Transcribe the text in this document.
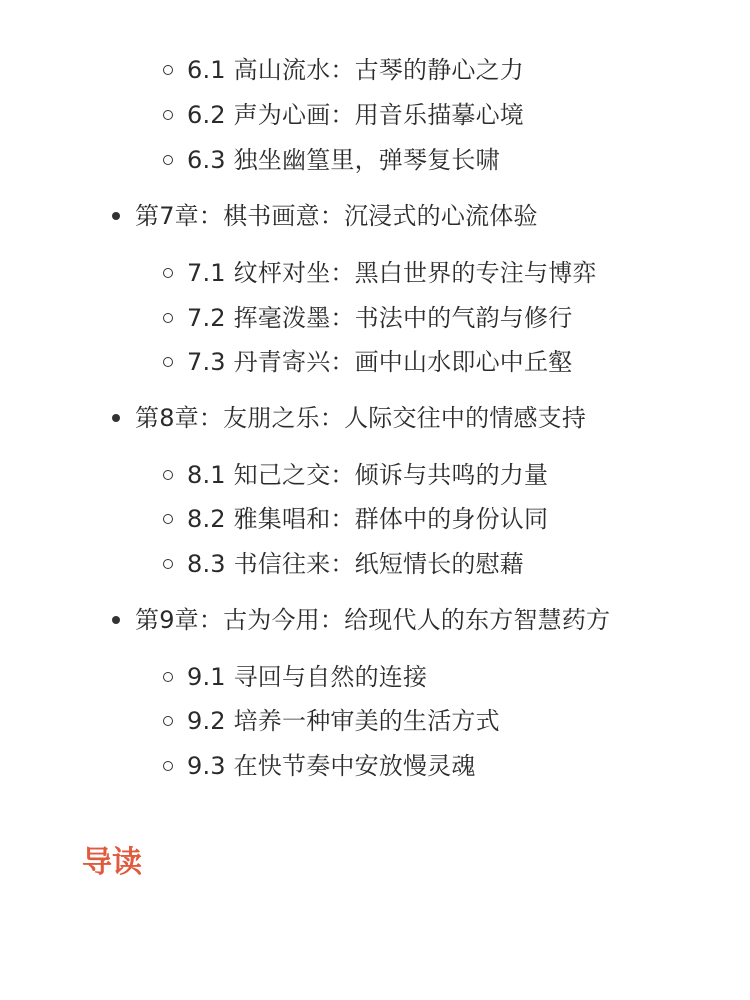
6.1 高山流水：古琴的静心之力
6.2 声为心画：用音乐描摹心境
6.3 独坐幽篁里，弹琴复长啸
第7章：棋书画意：沉浸式的心流体验
7.1 纹枰对坐：黑白世界的专注与博弈
7.2 挥毫泼墨：书法中的气韵与修行
7.3 丹青寄兴：画中山水即心中丘壑
第8章：友朋之乐：人际交往中的情感支持
8.1 知己之交：倾诉与共鸣的力量
8.2 雅集唱和：群体中的身份认同
8.3 书信往来：纸短情长的慰藉
第9章：古为今用：给现代人的东方智慧药方
9.1 寻回与自然的连接
9.2 培养一种审美的生活方式
9.3 在快节奏中安放慢灵魂
导读
